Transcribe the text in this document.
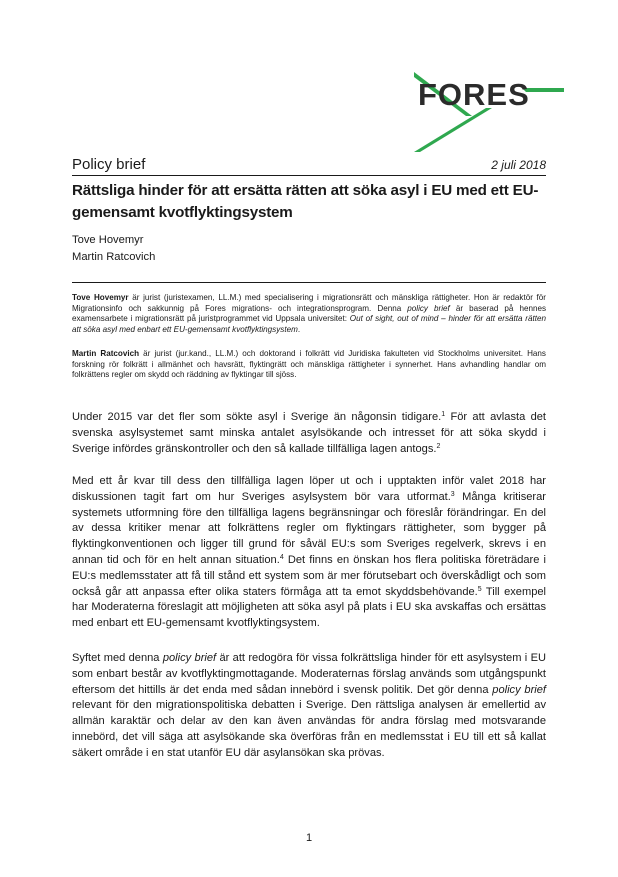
FORES
Policy brief	2 juli 2018
Rättsliga hinder för att ersätta rätten att söka asyl i EU med ett EU-gemensamt kvotflyktingsystem
Tove Hovemyr
Martin Ratcovich

Tove Hovemyr är jurist (juristexamen, LL.M.) med specialisering i migrationsrätt och mänskliga rättigheter. Hon är redaktör för Migrationsinfo och sakkunnig på Fores migrations- och integrationsprogram. Denna policy brief är baserad på hennes examensarbete i migrationsrätt på juristprogrammet vid Uppsala universitet: Out of sight, out of mind – hinder för att ersätta rätten att söka asyl med enbart ett EU-gemensamt kvotflyktingsystem.

Martin Ratcovich är jurist (jur.kand., LL.M.) och doktorand i folkrätt vid Juridiska fakulteten vid Stockholms universitet. Hans forskning rör folkrätt i allmänhet och havsrätt, flyktingrätt och mänskliga rättigheter i synnerhet. Hans avhandling handlar om folkrättens regler om skydd och räddning av flyktingar till sjöss.

Under 2015 var det fler som sökte asyl i Sverige än någonsin tidigare.$^1$ För att avlasta det svenska asylsystemet samt minska antalet asylsökande och intresset för att söka skydd i Sverige infördes gränskontroller och den så kallade tillfälliga lagen antogs.$^2$

Med ett år kvar till dess den tillfälliga lagen löper ut och i upptakten inför valet 2018 har diskussionen tagit fart om hur Sveriges asylsystem bör vara utformat.$^3$ Många kritiserar systemets utformning före den tillfälliga lagens begränsningar och föreslår förändringar. En del av dessa kritiker menar att folkrättens regler om flyktingars rättigheter, som bygger på flyktingkonventionen och ligger till grund för såväl EU:s som Sveriges regelverk, skrevs i en annan tid och för en helt annan situation.$^4$ Det finns en önskan hos flera politiska företrädare i EU:s medlemsstater att få till stånd ett system som är mer förutsebart och överskådligt och som också går att anpassa efter olika staters förmåga att ta emot skyddsbehövande.$^5$ Till exempel har Moderaterna föreslagit att möjligheten att söka asyl på plats i EU ska avskaffas och ersättas med enbart ett EU-gemensamt kvotflyktingsystem.

Syftet med denna policy brief är att redogöra för vissa folkrättsliga hinder för ett asylsystem i EU som enbart består av kvotflyktingmottagande. Moderaternas förslag används som utgångspunkt eftersom det hittills är det enda med sådan innebörd i svensk politik. Det gör denna policy brief relevant för den migrationspolitiska debatten i Sverige. Den rättsliga analysen är emellertid av allmän karaktär och delar av den kan även användas för andra förslag med motsvarande innebörd, det vill säga att asylsökande ska överföras från en medlemsstat i EU till ett så kallat säkert område i en stat utanför EU där asylansökan ska prövas.

1
